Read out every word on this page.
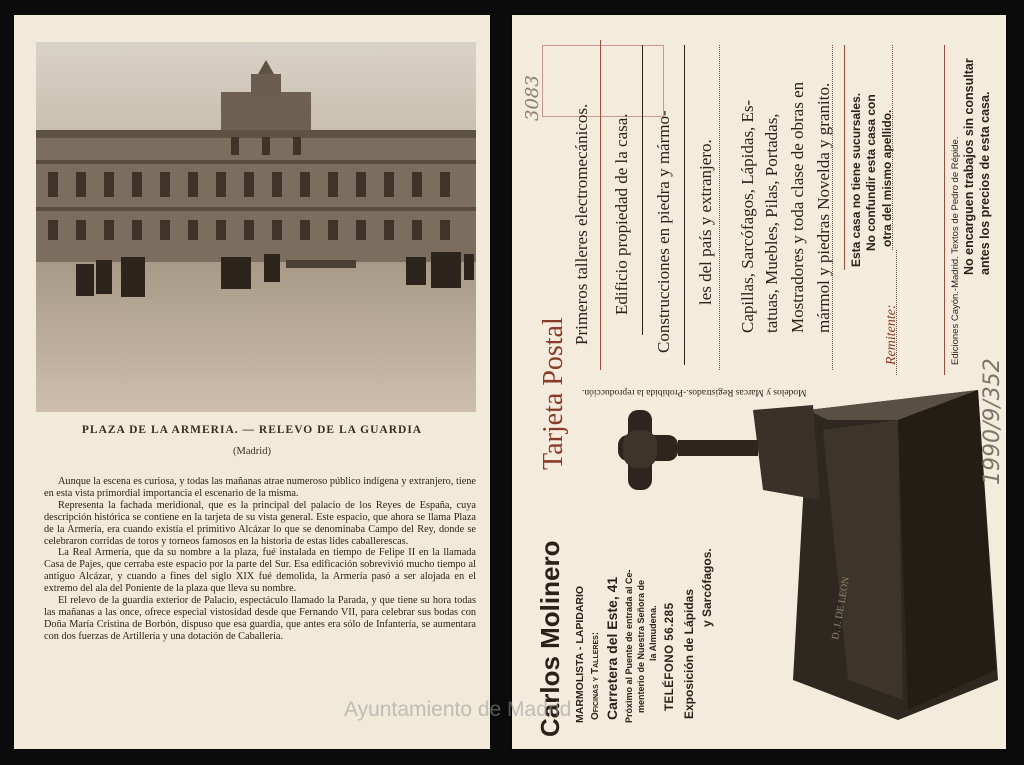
PLAZA DE LA ARMERIA. — RELEVO DE LA GUARDIA
(Madrid)

Aunque la escena es curiosa, y todas las mañanas atrae numeroso público indígena y extranjero, tiene en esta vista primordial importancia el escenario de la misma.

Representa la fachada meridional, que es la principal del palacio de los Reyes de España, cuya descripción histórica se contiene en la tarjeta de su vista general. Este espacio, que ahora se llama Plaza de la Armería, era cuando existía el primitivo Alcázar lo que se denominaba Campo del Rey, donde se celebraron corridas de toros y torneos famosos en la historia de estas lides caballerescas.

La Real Armería, que da su nombre a la plaza, fué instalada en tiempo de Felipe II en la llamada Casa de Pajes, que cerraba este espacio por la parte del Sur. Esa edificación sobrevivió mucho tiempo al antiguo Alcázar, y cuando a fines del siglo XIX fué demolida, la Armería pasó a ser alojada en el extremo del ala del Poniente de la plaza que lleva su nombre.

El relevo de la guardia exterior de Palacio, espectáculo llamado la Parada, y que tiene su hora todas las mañanas a las once, ofrece especial vistosidad desde que Fernando VII, para celebrar sus bodas con Doña María Cristina de Borbón, dispuso que esa guardia, que antes era sólo de Infantería, se aumentara con dos fuerzas de Artillería y una dotación de Caballería.

3083
Tarjeta Postal
Carlos Molinero MARMOLISTA - LAPIDARIO Oficinas y Talleres: Carretera del Este, 41 Próximo al Puente de entrada al Ce- menterio de Nuestra Señora de la Almudena. TELÉFONO 56.285 Exposición de Lápidas
y Sarcófagos.	D. J. DE LEON
Modelos y Marcas Registrados.-Prohibida la reproducción.
Primeros talleres electromecánicos. Edificio propiedad de la casa. Construcciones en piedra y mármo- les del país y extranjero. Capillas, Sarcófagos, Lápidas, Es- tatuas, Muebles, Pilas, Portadas, Mostradores y toda clase de obras en mármol y piedras Novelda y granito. Esta casa no tiene sucursales. No confundir esta casa con otra del mismo apellido.
Remitente:	Ediciones Cayón.-Madrid. Textos de Pedro de Répide. No encarguen trabajos sin consultar antes los precios de esta casa.
1990/9/352
Ayuntamiento de Madrid
